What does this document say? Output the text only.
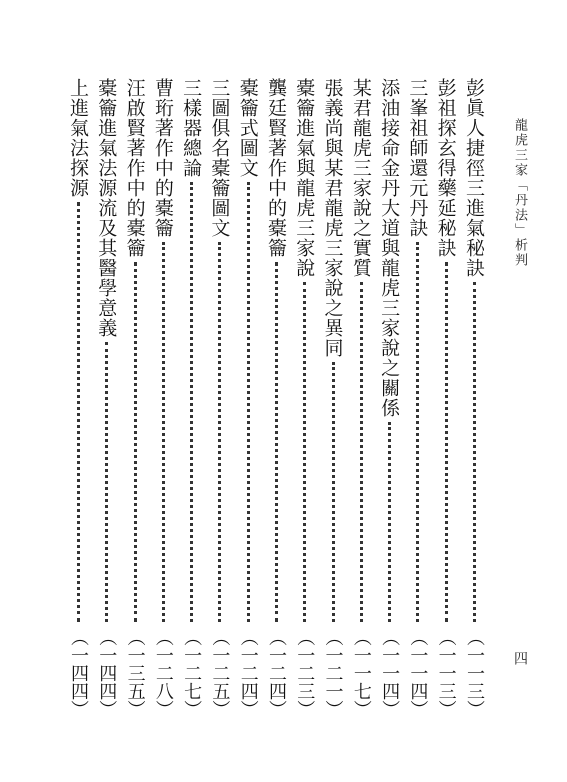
龍虎三家「丹法」析判
四
彭眞人捷徑三進氣秘訣
（一一三）
彭祖探玄得藥延秘訣
（一一三）
三峯祖師還元丹訣
（一一四）
添油接命金丹大道與龍虎三家說之關係
（一一四）
某君龍虎三家說之實質
（一一七）
張義尚與某君龍虎三家說之異同
（一二一）
橐籥進氣與龍虎三家說
（一二三）
龔廷賢著作中的橐籥
（一二四）
橐籥式圖文
（一二四）
三圖俱名橐籥圖文
（一二五）
三樣器總論
（一二七）
曹珩著作中的橐籥
（一二八）
汪啟賢著作中的橐籥
（一三五）
橐籥進氣法源流及其醫學意義
（一四四）
上進氣法探源
（一四四）
